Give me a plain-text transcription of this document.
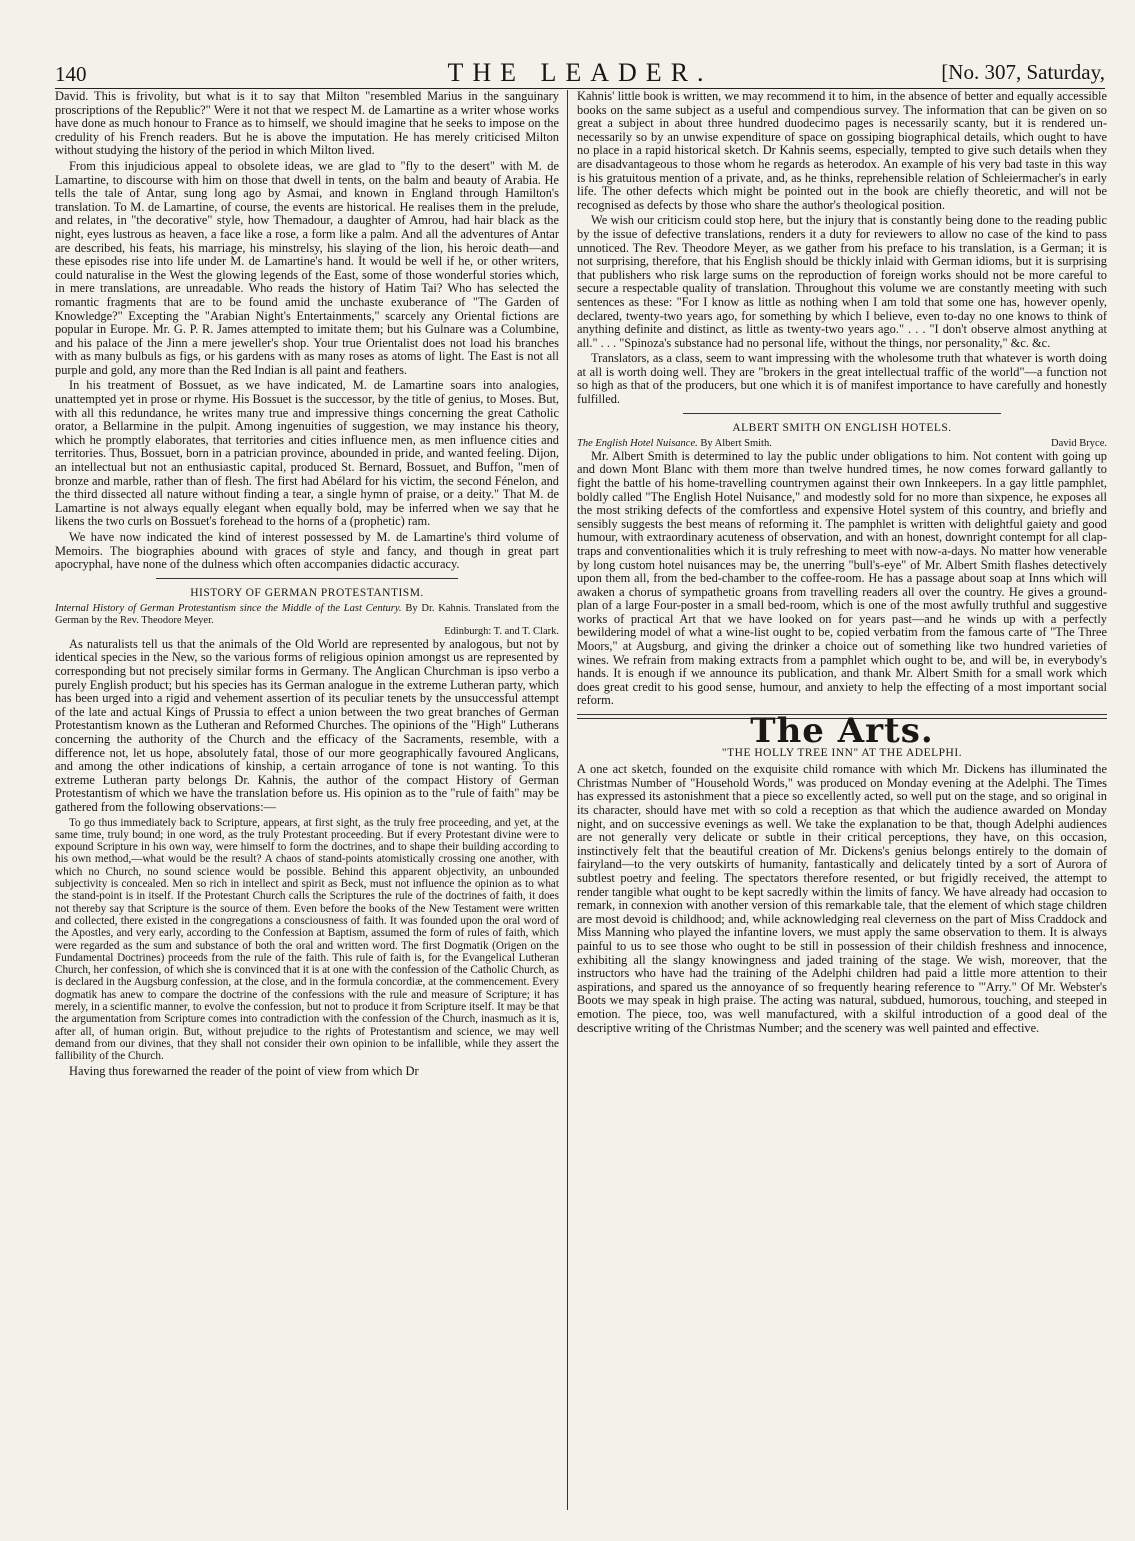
140	THE LEADER.	[No. 307, Saturday,

David. This is frivolity, but what is it to say that Milton "resembled Marius in the sanguinary proscriptions of the Republic?" Were it not that we respect M. de Lamartine as a writer whose works have done as much honour to France as to himself, we should imagine that he seeks to impose on the credulity of his French readers. But he is above the imputation. He has merely criticised Milton without studying the history of the period in which Milton lived.

From this injudicious appeal to obsolete ideas, we are glad to "fly to the desert" with M. de Lamartine, to discourse with him on those that dwell in tents, on the balm and beauty of Arabia. He tells the tale of Antar, sung long ago by Asmai, and known in England through Hamilton's translation. To M. de Lamartine, of course, the events are historical. He realises them in the prelude, and relates, in "the decorative" style, how Themadour, a daughter of Amrou, had hair black as the night, eyes lustrous as heaven, a face like a rose, a form like a palm. And all the adventures of Antar are described, his feats, his marriage, his minstrelsy, his slaying of the lion, his heroic death—and these episodes rise into life under M. de Lamartine's hand. It would be well if he, or other writers, could naturalise in the West the glowing legends of the East, some of those wonderful stories which, in mere translations, are unreadable. Who reads the history of Hatim Tai? Who has selected the romantic fragments that are to be found amid the unchaste exuberance of "The Garden of Knowledge?" Excepting the "Arabian Night's Entertainments," scarcely any Oriental fictions are popular in Europe. Mr. G. P. R. James attempted to imitate them; but his Gulnare was a Columbine, and his palace of the Jinn a mere jeweller's shop. Your true Orientalist does not load his branches with as many bulbuls as figs, or his gardens with as many roses as atoms of light. The East is not all purple and gold, any more than the Red Indian is all paint and feathers.

In his treatment of Bossuet, as we have indicated, M. de Lamartine soars into analogies, unattempted yet in prose or rhyme. His Bossuet is the successor, by the title of genius, to Moses. But, with all this redundance, he writes many true and impressive things concerning the great Catholic orator, a Bellarmine in the pulpit. Among ingenuities of suggestion, we may instance his theory, which he promptly elaborates, that territories and cities influence men, as men influence cities and territories. Thus, Bossuet, born in a patrician province, abounded in pride, and wanted feeling. Dijon, an intellectual but not an enthusiastic capital, produced St. Bernard, Bossuet, and Buffon, "men of bronze and marble, rather than of flesh. The first had Abélard for his victim, the second Fénelon, and the third dissected all nature without finding a tear, a single hymn of praise, or a deity." That M. de Lamartine is not always equally elegant when equally bold, may be inferred when we say that he likens the two curls on Bossuet's forehead to the horns of a (prophetic) ram.

We have now indicated the kind of interest possessed by M. de Lamartine's third volume of Memoirs. The biographies abound with graces of style and fancy, and though in great part apocryphal, have none of the dulness which often accompanies didactic accuracy.

HISTORY OF GERMAN PROTESTANTISM.

Internal History of German Protestantism since the Middle of the Last Century. By Dr. Kahnis. Translated from the German by the Rev. Theodore Meyer.

Edinburgh: T. and T. Clark.

As naturalists tell us that the animals of the Old World are represented by analogous, but not by identical species in the New, so the various forms of religious opinion amongst us are represented by corresponding but not precisely similar forms in Germany. The Anglican Churchman is ipso verbo a purely English product; but his species has its German analogue in the extreme Lutheran party, which has been urged into a rigid and vehement assertion of its peculiar tenets by the unsuccessful attempt of the late and actual Kings of Prussia to effect a union between the two great branches of German Protestantism known as the Lutheran and Reformed Churches. The opinions of the "High" Lutherans concerning the authority of the Church and the efficacy of the Sacraments, resemble, with a difference not, let us hope, absolutely fatal, those of our more geographically favoured Anglicans, and among the other indications of kinship, a certain arrogance of tone is not wanting. To this extreme Lutheran party belongs Dr. Kahnis, the author of the compact History of German Protestantism of which we have the translation before us. His opinion as to the "rule of faith" may be gathered from the following observations:—

To go thus immediately back to Scripture, appears, at first sight, as the truly free proceeding, and yet, at the same time, truly bound; in one word, as the truly Protestant proceeding. But if every Protestant divine were to expound Scripture in his own way, were himself to form the doctrines, and to shape their building according to his own method,—what would be the result? A chaos of stand-points atomistically crossing one another, with which no Church, no sound science would be possible. Behind this apparent objectivity, an unbounded subjectivity is concealed. Men so rich in intellect and spirit as Beck, must not influence the opinion as to what the stand-point is in itself. If the Protestant Church calls the Scriptures the rule of the doctrines of faith, it does not thereby say that Scripture is the source of them. Even before the books of the New Testament were written and collected, there existed in the congregations a consciousness of faith. It was founded upon the oral word of the Apostles, and very early, according to the Confession at Baptism, assumed the form of rules of faith, which were regarded as the sum and substance of both the oral and written word. The first Dogmatik (Origen on the Fundamental Doctrines) proceeds from the rule of the faith. This rule of faith is, for the Evangelical Lutheran Church, her confession, of which she is convinced that it is at one with the confession of the Catholic Church, as is declared in the Augsburg confession, at the close, and in the formula concordiæ, at the commencement. Every dogmatik has anew to compare the doctrine of the confessions with the rule and measure of Scripture; it has merely, in a scientific manner, to evolve the confession, but not to produce it from Scripture itself. It may be that the argumentation from Scripture comes into contradiction with the confession of the Church, inasmuch as it is, after all, of human origin. But, without prejudice to the rights of Protestantism and science, we may well demand from our divines, that they shall not consider their own opinion to be infallible, while they assert the fallibility of the Church.

Having thus forewarned the reader of the point of view from which Dr

Kahnis' little book is written, we may recommend it to him, in the absence of better and equally accessible books on the same subject as a useful and compendious survey. The information that can be given on so great a subject in about three hundred duodecimo pages is necessarily scanty, but it is rendered un-necessarily so by an unwise expenditure of space on gossiping biographical details, which ought to have no place in a rapid historical sketch. Dr Kahnis seems, especially, tempted to give such details when they are disadvantageous to those whom he regards as heterodox. An example of his very bad taste in this way is his gratuitous mention of a private, and, as he thinks, reprehensible relation of Schleiermacher's in early life. The other defects which might be pointed out in the book are chiefly theoretic, and will not be recognised as defects by those who share the author's theological position.

We wish our criticism could stop here, but the injury that is constantly being done to the reading public by the issue of defective translations, renders it a duty for reviewers to allow no case of the kind to pass unnoticed. The Rev. Theodore Meyer, as we gather from his preface to his translation, is a German; it is not surprising, therefore, that his English should be thickly inlaid with German idioms, but it is surprising that publishers who risk large sums on the reproduction of foreign works should not be more careful to secure a respectable quality of translation. Throughout this volume we are constantly meeting with such sentences as these: "For I know as little as nothing when I am told that some one has, however openly, declared, twenty-two years ago, for something by which I believe, even to-day no one knows to think of anything definite and distinct, as little as twenty-two years ago." . . . "I don't observe almost anything at all." . . . "Spinoza's substance had no personal life, without the things, nor personality," &c. &c.

Translators, as a class, seem to want impressing with the wholesome truth that whatever is worth doing at all is worth doing well. They are "brokers in the great intellectual traffic of the world"—a function not so high as that of the producers, but one which it is of manifest importance to have carefully and honestly fulfilled.

ALBERT SMITH ON ENGLISH HOTELS.

The English Hotel Nuisance. By Albert Smith.	David Bryce.

Mr. Albert Smith is determined to lay the public under obligations to him. Not content with going up and down Mont Blanc with them more than twelve hundred times, he now comes forward gallantly to fight the battle of his home-travelling countrymen against their own Innkeepers. In a gay little pamphlet, boldly called "The English Hotel Nuisance," and modestly sold for no more than sixpence, he exposes all the most striking defects of the comfortless and expensive Hotel system of this country, and briefly and sensibly suggests the best means of reforming it. The pamphlet is written with delightful gaiety and good humour, with extraordinary acuteness of observation, and with an honest, downright contempt for all clap-traps and conventionalities which it is truly refreshing to meet with now-a-days. No matter how venerable by long custom hotel nuisances may be, the unerring "bull's-eye" of Mr. Albert Smith flashes detectively upon them all, from the bed-chamber to the coffee-room. He has a passage about soap at Inns which will awaken a chorus of sympathetic groans from travelling readers all over the country. He gives a ground-plan of a large Four-poster in a small bed-room, which is one of the most awfully truthful and suggestive works of practical Art that we have looked on for years past—and he winds up with a perfectly bewildering model of what a wine-list ought to be, copied verbatim from the famous carte of "The Three Moors," at Augsburg, and giving the drinker a choice out of something like two hundred varieties of wines. We refrain from making extracts from a pamphlet which ought to be, and will be, in everybody's hands. It is enough if we announce its publication, and thank Mr. Albert Smith for a small work which does great credit to his good sense, humour, and anxiety to help the effecting of a most important social reform.

The Arts.
"THE HOLLY TREE INN" AT THE ADELPHI.

A one act sketch, founded on the exquisite child romance with which Mr. Dickens has illuminated the Christmas Number of "Household Words," was produced on Monday evening at the Adelphi. The Times has expressed its astonishment that a piece so excellently acted, so well put on the stage, and so original in its character, should have met with so cold a reception as that which the audience awarded on Monday night, and on successive evenings as well. We take the explanation to be that, though Adelphi audiences are not generally very delicate or subtle in their critical perceptions, they have, on this occasion, instinctively felt that the beautiful creation of Mr. Dickens's genius belongs entirely to the domain of fairyland—to the very outskirts of humanity, fantastically and delicately tinted by a sort of Aurora of subtlest poetry and feeling. The spectators therefore resented, or but frigidly received, the attempt to render tangible what ought to be kept sacredly within the limits of fancy. We have already had occasion to remark, in connexion with another version of this remarkable tale, that the element of which stage children are most devoid is childhood; and, while acknowledging real cleverness on the part of Miss Craddock and Miss Manning who played the infantine lovers, we must apply the same observation to them. It is always painful to us to see those who ought to be still in possession of their childish freshness and innocence, exhibiting all the slangy knowingness and jaded training of the stage. We wish, moreover, that the instructors who have had the training of the Adelphi children had paid a little more attention to their aspirations, and spared us the annoyance of so frequently hearing reference to "'Arry." Of Mr. Webster's Boots we may speak in high praise. The acting was natural, subdued, humorous, touching, and steeped in emotion. The piece, too, was well manufactured, with a skilful introduction of a good deal of the descriptive writing of the Christmas Number; and the scenery was well painted and effective.
